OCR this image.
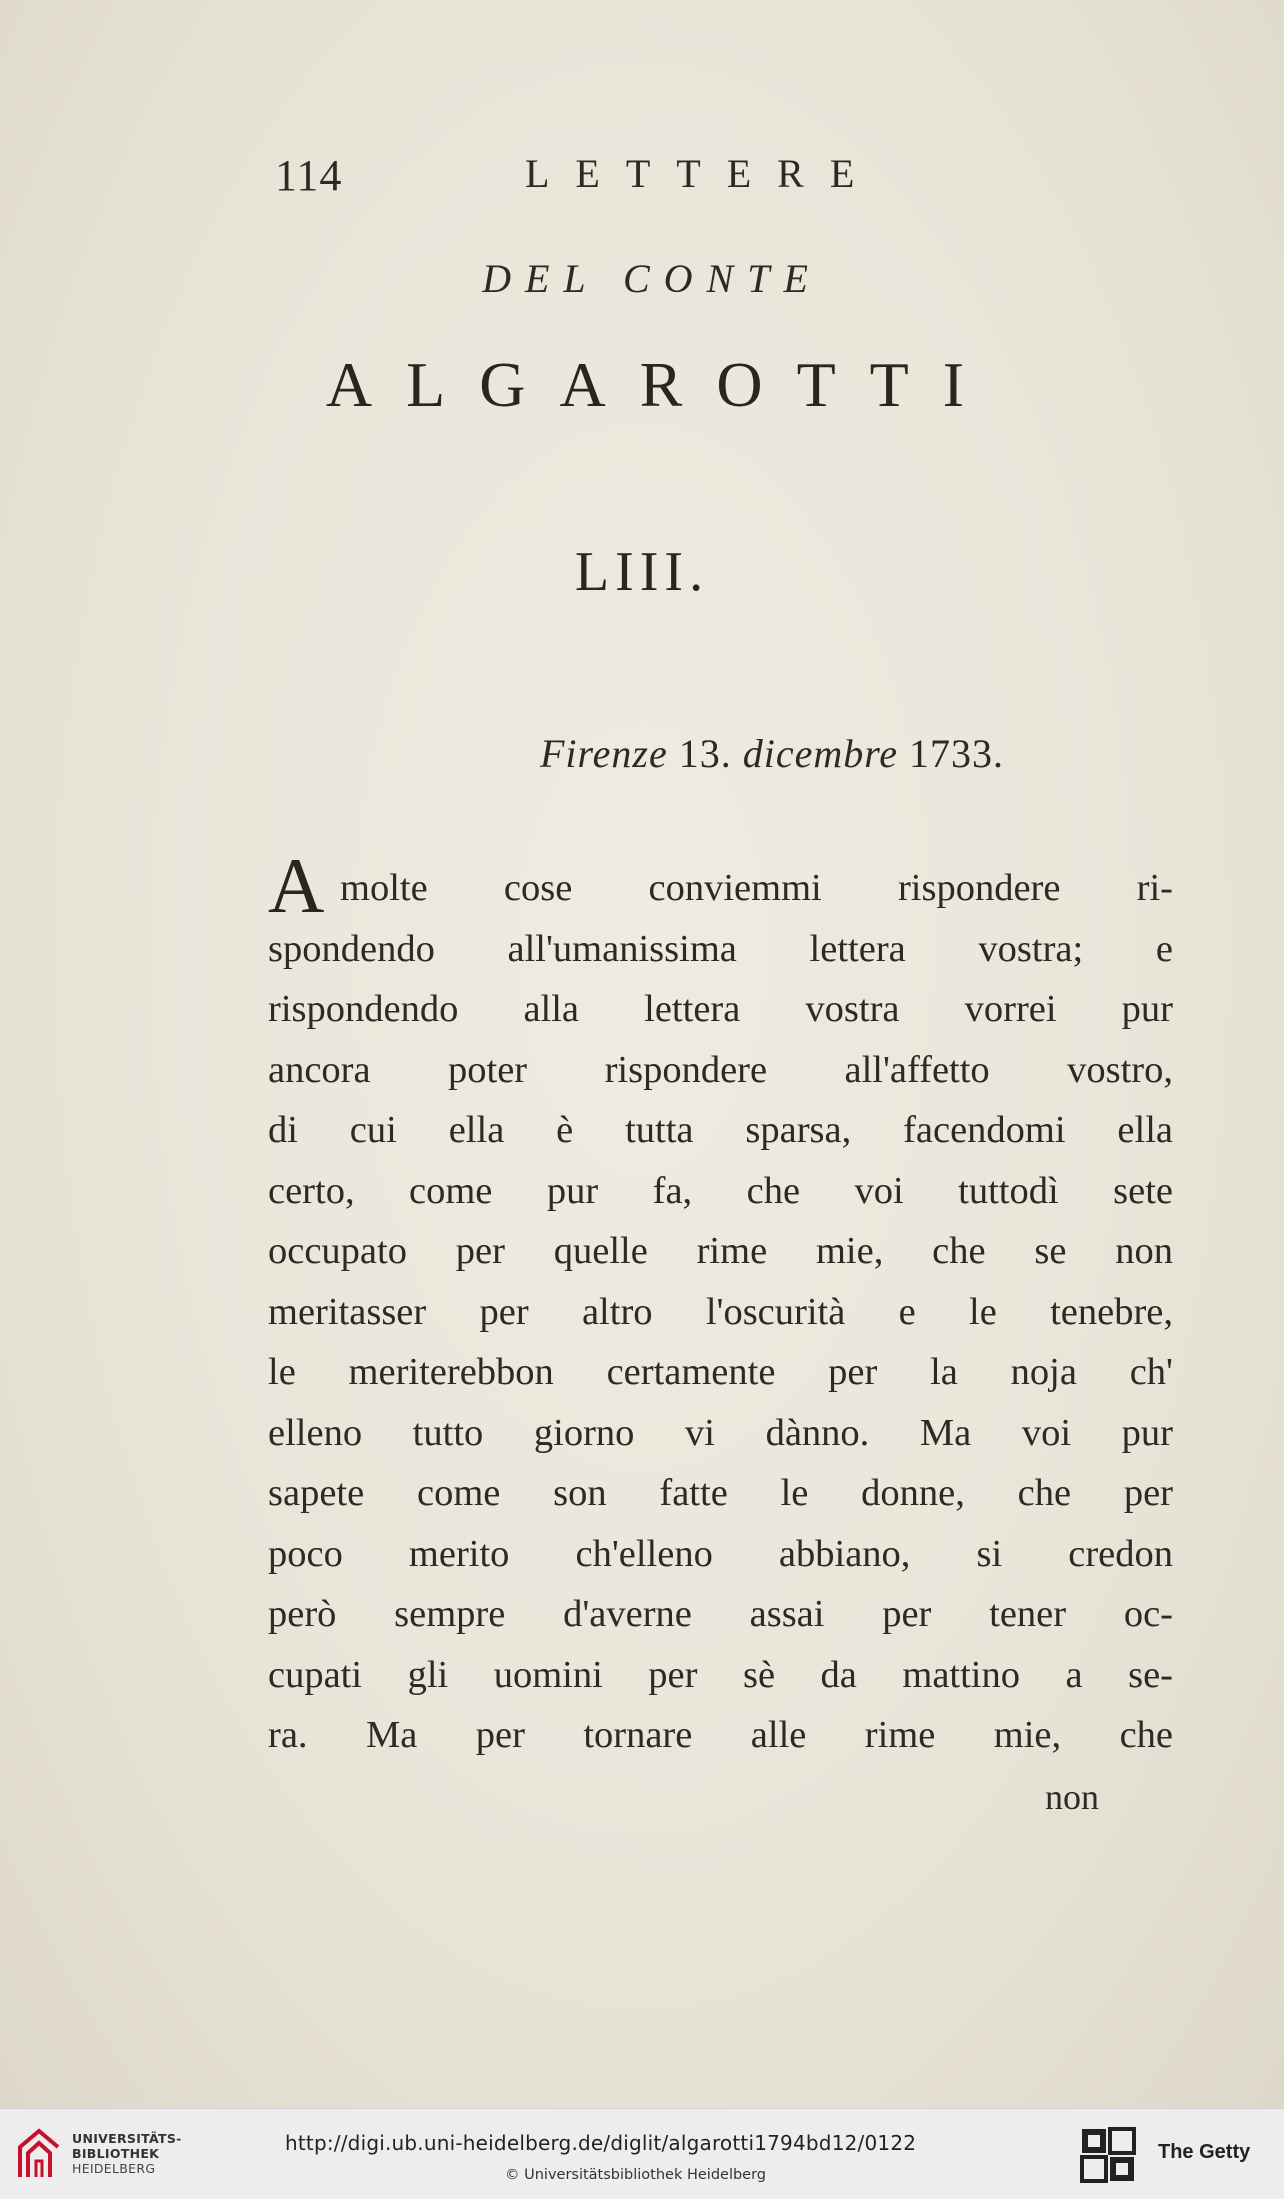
114	LETTERE
DEL CONTE
ALGAROTTI
LIII.
Firenze 13. dicembre 1733.
A molte cose conviemmi rispondere ri-
spondendo all'umanissima lettera vostra; e
rispondendo alla lettera vostra vorrei pur
ancora poter rispondere all'affetto vostro,
di cui ella è tutta sparsa, facendomi ella
certo, come pur fa, che voi tuttodì sete
occupato per quelle rime mie, che se non
meritasser per altro l'oscurità e le tenebre,
le meriterebbon certamente per la noja ch'
elleno tutto giorno vi dànno. Ma voi pur
sapete come son fatte le donne, che per
poco merito ch'elleno abbiano, si credon
però sempre d'averne assai per tener oc-
cupati gli uomini per sè da mattino a se-
ra. Ma per tornare alle rime mie, che
non
UNIVERSITÄTS-
BIBLIOTHEK
HEIDELBERG
http://digi.ub.uni-heidelberg.de/diglit/algarotti1794bd12/0122
© Universitätsbibliothek Heidelberg
The Getty
